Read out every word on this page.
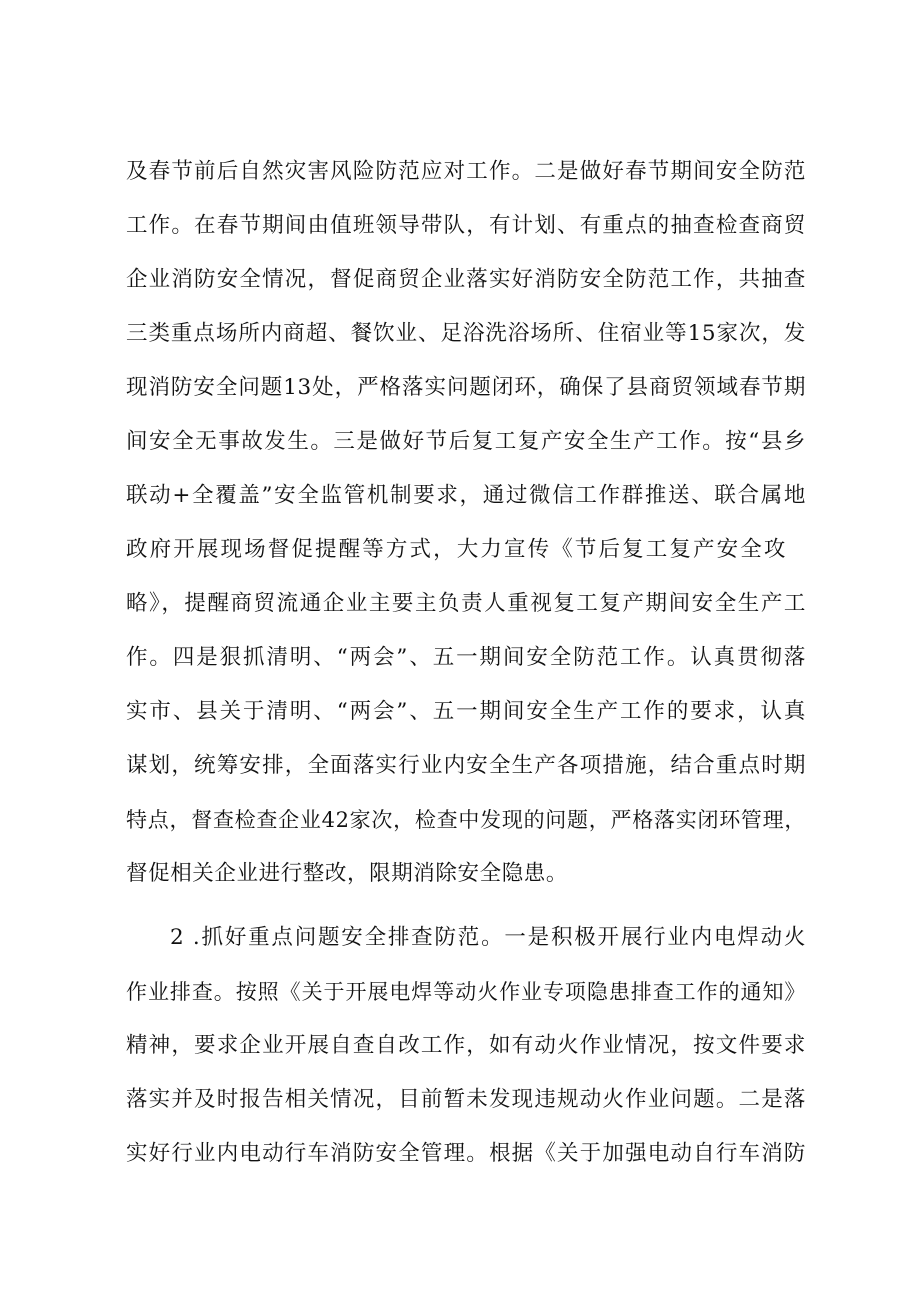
及春节前后自然灾害风险防范应对工作。二是做好春节期间安全防范
工作。在春节期间由值班领导带队，有计划、有重点的抽查检查商贸
企业消防安全情况，督促商贸企业落实好消防安全防范工作，共抽查
三类重点场所内商超、餐饮业、足浴洗浴场所、住宿业等15家次，发
现消防安全问题13处，严格落实问题闭环，确保了县商贸领域春节期
间安全无事故发生。三是做好节后复工复产安全生产工作。按“县乡
联动+全覆盖”安全监管机制要求，通过微信工作群推送、联合属地
政府开展现场督促提醒等方式，大力宣传《节后复工复产安全攻
略》，提醒商贸流通企业主要主负责人重视复工复产期间安全生产工
作。四是狠抓清明、“两会”、五一期间安全防范工作。认真贯彻落
实市、县关于清明、“两会”、五一期间安全生产工作的要求，认真
谋划，统筹安排，全面落实行业内安全生产各项措施，结合重点时期
特点，督查检查企业42家次，检查中发现的问题，严格落实闭环管理，
督促相关企业进行整改，限期消除安全隐患。
2 .抓好重点问题安全排查防范。一是积极开展行业内电焊动火
作业排查。按照《关于开展电焊等动火作业专项隐患排查工作的通知》
精神，要求企业开展自查自改工作，如有动火作业情况，按文件要求
落实并及时报告相关情况，目前暂未发现违规动火作业问题。二是落
实好行业内电动行车消防安全管理。根据《关于加强电动自行车消防
